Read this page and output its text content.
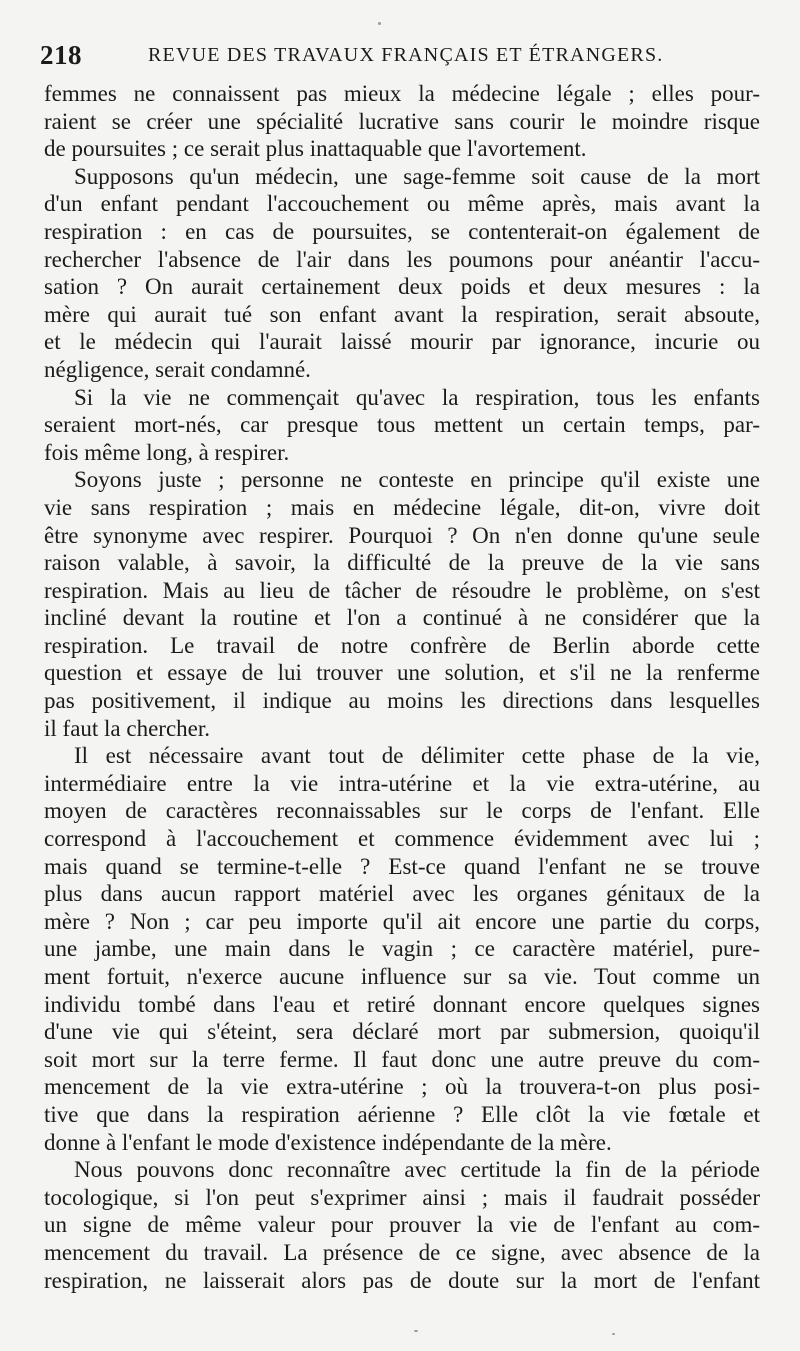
218	REVUE DES TRAVAUX FRANÇAIS ET ÉTRANGERS.
femmes ne connaissent pas mieux la médecine légale ; elles pour-
raient se créer une spécialité lucrative sans courir le moindre risque
de poursuites ; ce serait plus inattaquable que l'avortement.
Supposons qu'un médecin, une sage-femme soit cause de la mort
d'un enfant pendant l'accouchement ou même après, mais avant la
respiration : en cas de poursuites, se contenterait-on également de
rechercher l'absence de l'air dans les poumons pour anéantir l'accu-
sation ? On aurait certainement deux poids et deux mesures : la
mère qui aurait tué son enfant avant la respiration, serait absoute,
et le médecin qui l'aurait laissé mourir par ignorance, incurie ou
négligence, serait condamné.
Si la vie ne commençait qu'avec la respiration, tous les enfants
seraient mort-nés, car presque tous mettent un certain temps, par-
fois même long, à respirer.
Soyons juste ; personne ne conteste en principe qu'il existe une
vie sans respiration ; mais en médecine légale, dit-on, vivre doit
être synonyme avec respirer. Pourquoi ? On n'en donne qu'une seule
raison valable, à savoir, la difficulté de la preuve de la vie sans
respiration. Mais au lieu de tâcher de résoudre le problème, on s'est
incliné devant la routine et l'on a continué à ne considérer que la
respiration. Le travail de notre confrère de Berlin aborde cette
question et essaye de lui trouver une solution, et s'il ne la renferme
pas positivement, il indique au moins les directions dans lesquelles
il faut la chercher.
Il est nécessaire avant tout de délimiter cette phase de la vie,
intermédiaire entre la vie intra-utérine et la vie extra-utérine, au
moyen de caractères reconnaissables sur le corps de l'enfant. Elle
correspond à l'accouchement et commence évidemment avec lui ;
mais quand se termine-t-elle ? Est-ce quand l'enfant ne se trouve
plus dans aucun rapport matériel avec les organes génitaux de la
mère ? Non ; car peu importe qu'il ait encore une partie du corps,
une jambe, une main dans le vagin ; ce caractère matériel, pure-
ment fortuit, n'exerce aucune influence sur sa vie. Tout comme un
individu tombé dans l'eau et retiré donnant encore quelques signes
d'une vie qui s'éteint, sera déclaré mort par submersion, quoiqu'il
soit mort sur la terre ferme. Il faut donc une autre preuve du com-
mencement de la vie extra-utérine ; où la trouvera-t-on plus posi-
tive que dans la respiration aérienne ? Elle clôt la vie fœtale et
donne à l'enfant le mode d'existence indépendante de la mère.
Nous pouvons donc reconnaître avec certitude la fin de la période
tocologique, si l'on peut s'exprimer ainsi ; mais il faudrait posséder
un signe de même valeur pour prouver la vie de l'enfant au com-
mencement du travail. La présence de ce signe, avec absence de la
respiration, ne laisserait alors pas de doute sur la mort de l'enfant
